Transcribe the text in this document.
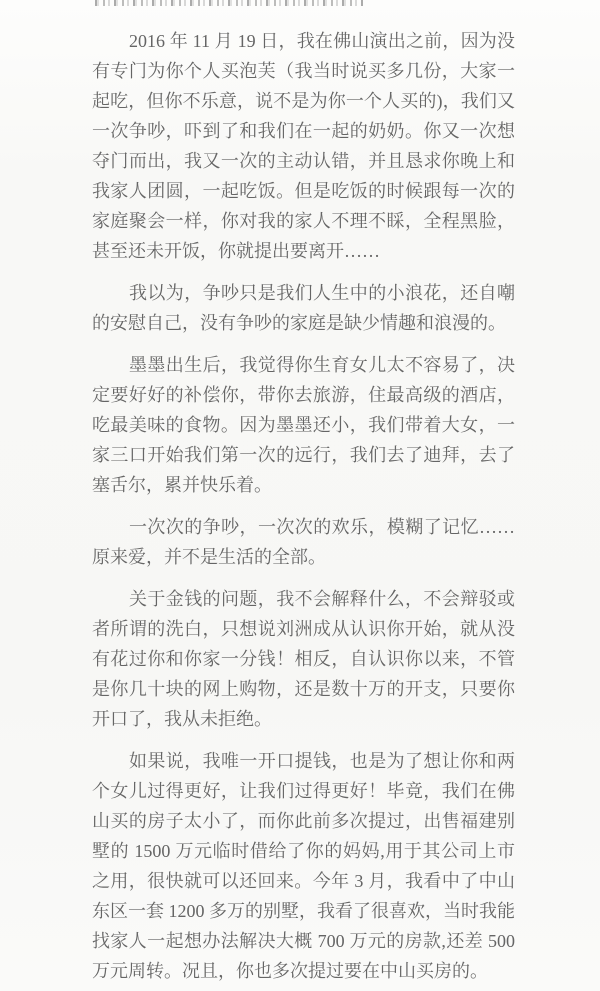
2016 年 11 月 19 日，我在佛山演出之前，因为没
有专门为你个人买泡芙（我当时说买多几份，大家一
起吃，但你不乐意，说不是为你一个人买的)，我们又
一次争吵，吓到了和我们在一起的奶奶。你又一次想
夺门而出，我又一次的主动认错，并且恳求你晚上和
我家人团圆，一起吃饭。但是吃饭的时候跟每一次的
家庭聚会一样，你对我的家人不理不睬，全程黑脸，
甚至还未开饭，你就提出要离开……
我以为，争吵只是我们人生中的小浪花，还自嘲
的安慰自己，没有争吵的家庭是缺少情趣和浪漫的。
墨墨出生后，我觉得你生育女儿太不容易了，决
定要好好的补偿你，带你去旅游，住最高级的酒店，
吃最美味的食物。因为墨墨还小，我们带着大女，一
家三口开始我们第一次的远行，我们去了迪拜，去了
塞舌尔，累并快乐着。
一次次的争吵，一次次的欢乐，模糊了记忆……
原来爱，并不是生活的全部。
关于金钱的问题，我不会解释什么，不会辩驳或
者所谓的洗白，只想说刘洲成从认识你开始，就从没
有花过你和你家一分钱！相反，自认识你以来，不管
是你几十块的网上购物，还是数十万的开支，只要你
开口了，我从未拒绝。
如果说，我唯一开口提钱，也是为了想让你和两
个女儿过得更好，让我们过得更好！毕竟，我们在佛
山买的房子太小了，而你此前多次提过，出售福建别
墅的 1500 万元临时借给了你的妈妈,用于其公司上市
之用，很快就可以还回来。今年 3 月，我看中了中山
东区一套 1200 多万的别墅，我看了很喜欢，当时我能
找家人一起想办法解决大概 700 万元的房款,还差 500
万元周转。况且，你也多次提过要在中山买房的。
